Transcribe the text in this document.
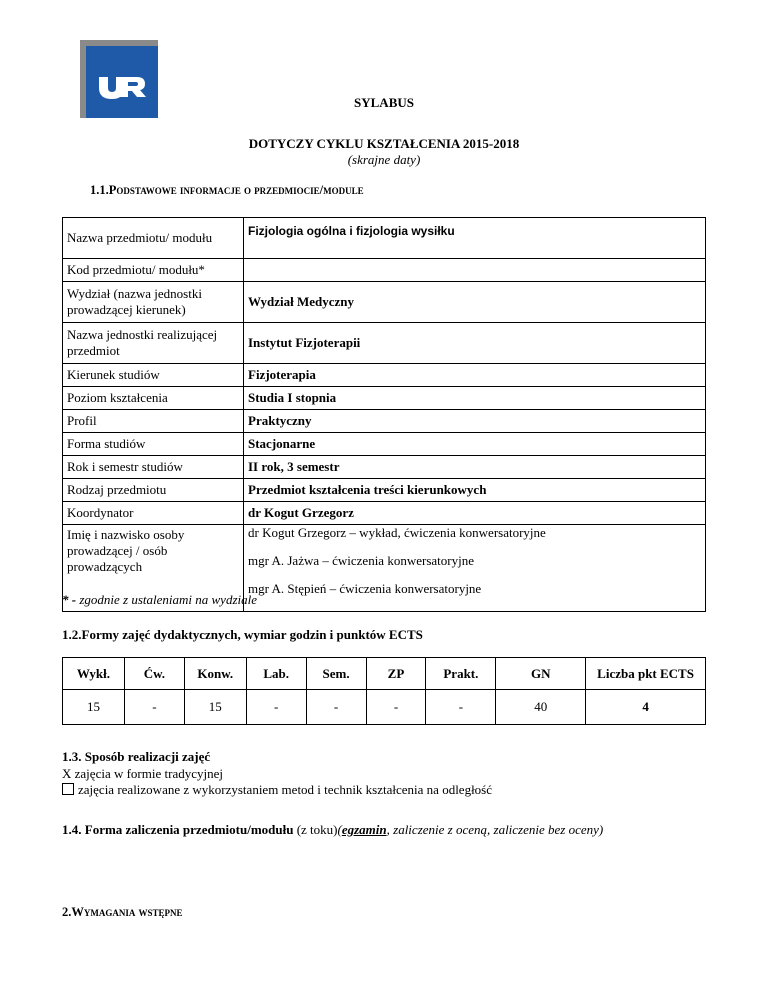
SYLABUS
DOTYCZY CYKLU KSZTAŁCENIA 2015-2018
(skrajne daty)
1.1.Podstawowe informacje o przedmiocie/module
Nazwa przedmiotu/ modułu	Fizjologia ogólna i fizjologia wysiłku
Kod przedmiotu/ modułu*	
Wydział (nazwa jednostki prowadzącej kierunek)	Wydział Medyczny
Nazwa jednostki realizującej przedmiot	Instytut Fizjoterapii
Kierunek studiów	Fizjoterapia
Poziom kształcenia	Studia I stopnia
Profil	Praktyczny
Forma studiów	Stacjonarne
Rok i semestr studiów	II rok, 3 semestr
Rodzaj przedmiotu	Przedmiot kształcenia treści kierunkowych
Koordynator	dr Kogut Grzegorz
Imię i nazwisko osoby prowadzącej / osób prowadzących	dr Kogut Grzegorz – wykład, ćwiczenia konwersatoryjne
mgr A. Jażwa – ćwiczenia konwersatoryjne
mgr A. Stępień – ćwiczenia konwersatoryjne
* - zgodnie z ustaleniami na wydziale
1.2.Formy zajęć dydaktycznych, wymiar godzin i punktów ECTS
Wykł.	Ćw.	Konw.	Lab.	Sem.	ZP	Prakt.	GN	Liczba pkt ECTS
15	-	15	-	-	-	-	40	4
1.3. Sposób realizacji zajęć
X zajęcia w formie tradycyjnej
zajęcia realizowane z wykorzystaniem metod i technik kształcenia na odległość
1.4. Forma zaliczenia przedmiotu/modułu (z toku)(egzamin, zaliczenie z oceną, zaliczenie bez oceny)
2.Wymagania wstępne
